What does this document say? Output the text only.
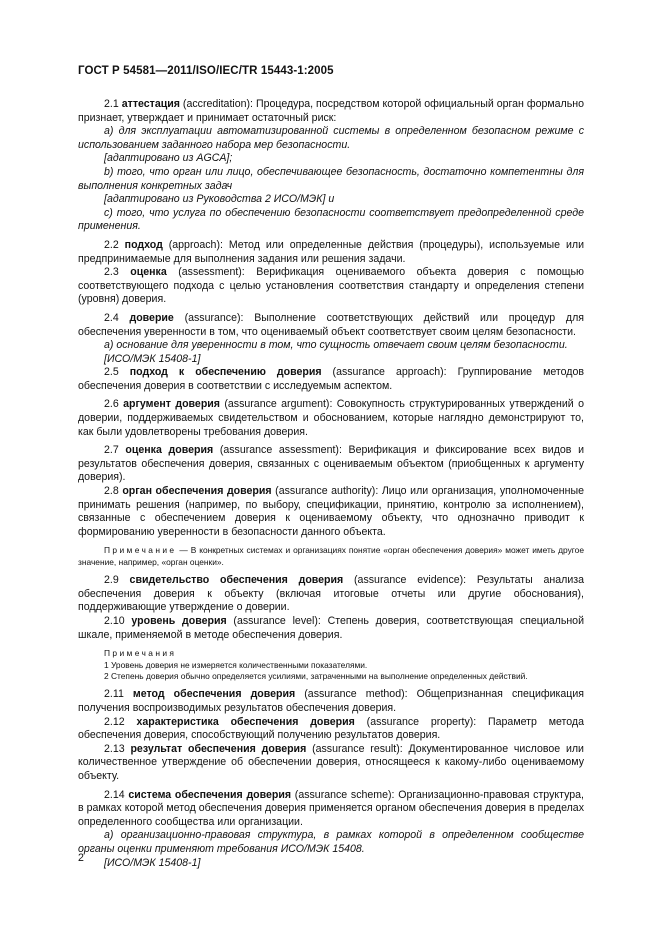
ГОСТ Р 54581—2011/ISO/IEC/TR 15443-1:2005

2.1 аттестация (accreditation): Процедура, посредством которой официальный орган формально признает, утверждает и принимает остаточный риск:

a) для эксплуатации автоматизированной системы в определенном безопасном режиме с использованием заданного набора мер безопасности.

[адаптировано из AGCA];

b) того, что орган или лицо, обеспечивающее безопасность, достаточно компетентны для выполнения конкретных задач

[адаптировано из Руководства 2 ИСО/МЭК] и

c) того, что услуга по обеспечению безопасности соответствует предопределенной среде применения.

2.2 подход (approach): Метод или определенные действия (процедуры), используемые или предпринимаемые для выполнения задания или решения задачи.

2.3 оценка (assessment): Верификация оцениваемого объекта доверия с помощью соответствующего подхода с целью установления соответствия стандарту и определения степени (уровня) доверия.

2.4 доверие (assurance): Выполнение соответствующих действий или процедур для обеспечения уверенности в том, что оцениваемый объект соответствует своим целям безопасности.

a) основание для уверенности в том, что сущность отвечает своим целям безопасности.

[ИСО/МЭК 15408-1]

2.5 подход к обеспечению доверия (assurance approach): Группирование методов обеспечения доверия в соответствии с исследуемым аспектом.

2.6 аргумент доверия (assurance argument): Совокупность структурированных утверждений о доверии, поддерживаемых свидетельством и обоснованием, которые наглядно демонстрируют то, как были удовлетворены требования доверия.

2.7 оценка доверия (assurance assessment): Верификация и фиксирование всех видов и результатов обеспечения доверия, связанных с оцениваемым объектом (приобщенных к аргументу доверия).

2.8 орган обеспечения доверия (assurance authority): Лицо или организация, уполномоченные принимать решения (например, по выбору, спецификации, принятию, контролю за исполнением), связанные с обеспечением доверия к оцениваемому объекту, что однозначно приводит к формированию уверенности в безопасности данного объекта.

Примечание — В конкретных системах и организациях понятие «орган обеспечения доверия» может иметь другое значение, например, «орган оценки».

2.9 свидетельство обеспечения доверия (assurance evidence): Результаты анализа обеспечения доверия к объекту (включая итоговые отчеты или другие обоснования), поддерживающие утверждение о доверии.

2.10 уровень доверия (assurance level): Степень доверия, соответствующая специальной шкале, применяемой в методе обеспечения доверия.

Примечания

1 Уровень доверия не измеряется количественными показателями.

2 Степень доверия обычно определяется усилиями, затраченными на выполнение определенных действий.

2.11 метод обеспечения доверия (assurance method): Общепризнанная спецификация получения воспроизводимых результатов обеспечения доверия.

2.12 характеристика обеспечения доверия (assurance property): Параметр метода обеспечения доверия, способствующий получению результатов доверия.

2.13 результат обеспечения доверия (assurance result): Документированное числовое или количественное утверждение об обеспечении доверия, относящееся к какому-либо оцениваемому объекту.

2.14 система обеспечения доверия (assurance scheme): Организационно-правовая структура, в рамках которой метод обеспечения доверия применяется органом обеспечения доверия в пределах определенного сообщества или организации.

a) организационно-правовая структура, в рамках которой в определенном сообществе органы оценки применяют требования ИСО/МЭК 15408.

[ИСО/МЭК 15408-1]

2
